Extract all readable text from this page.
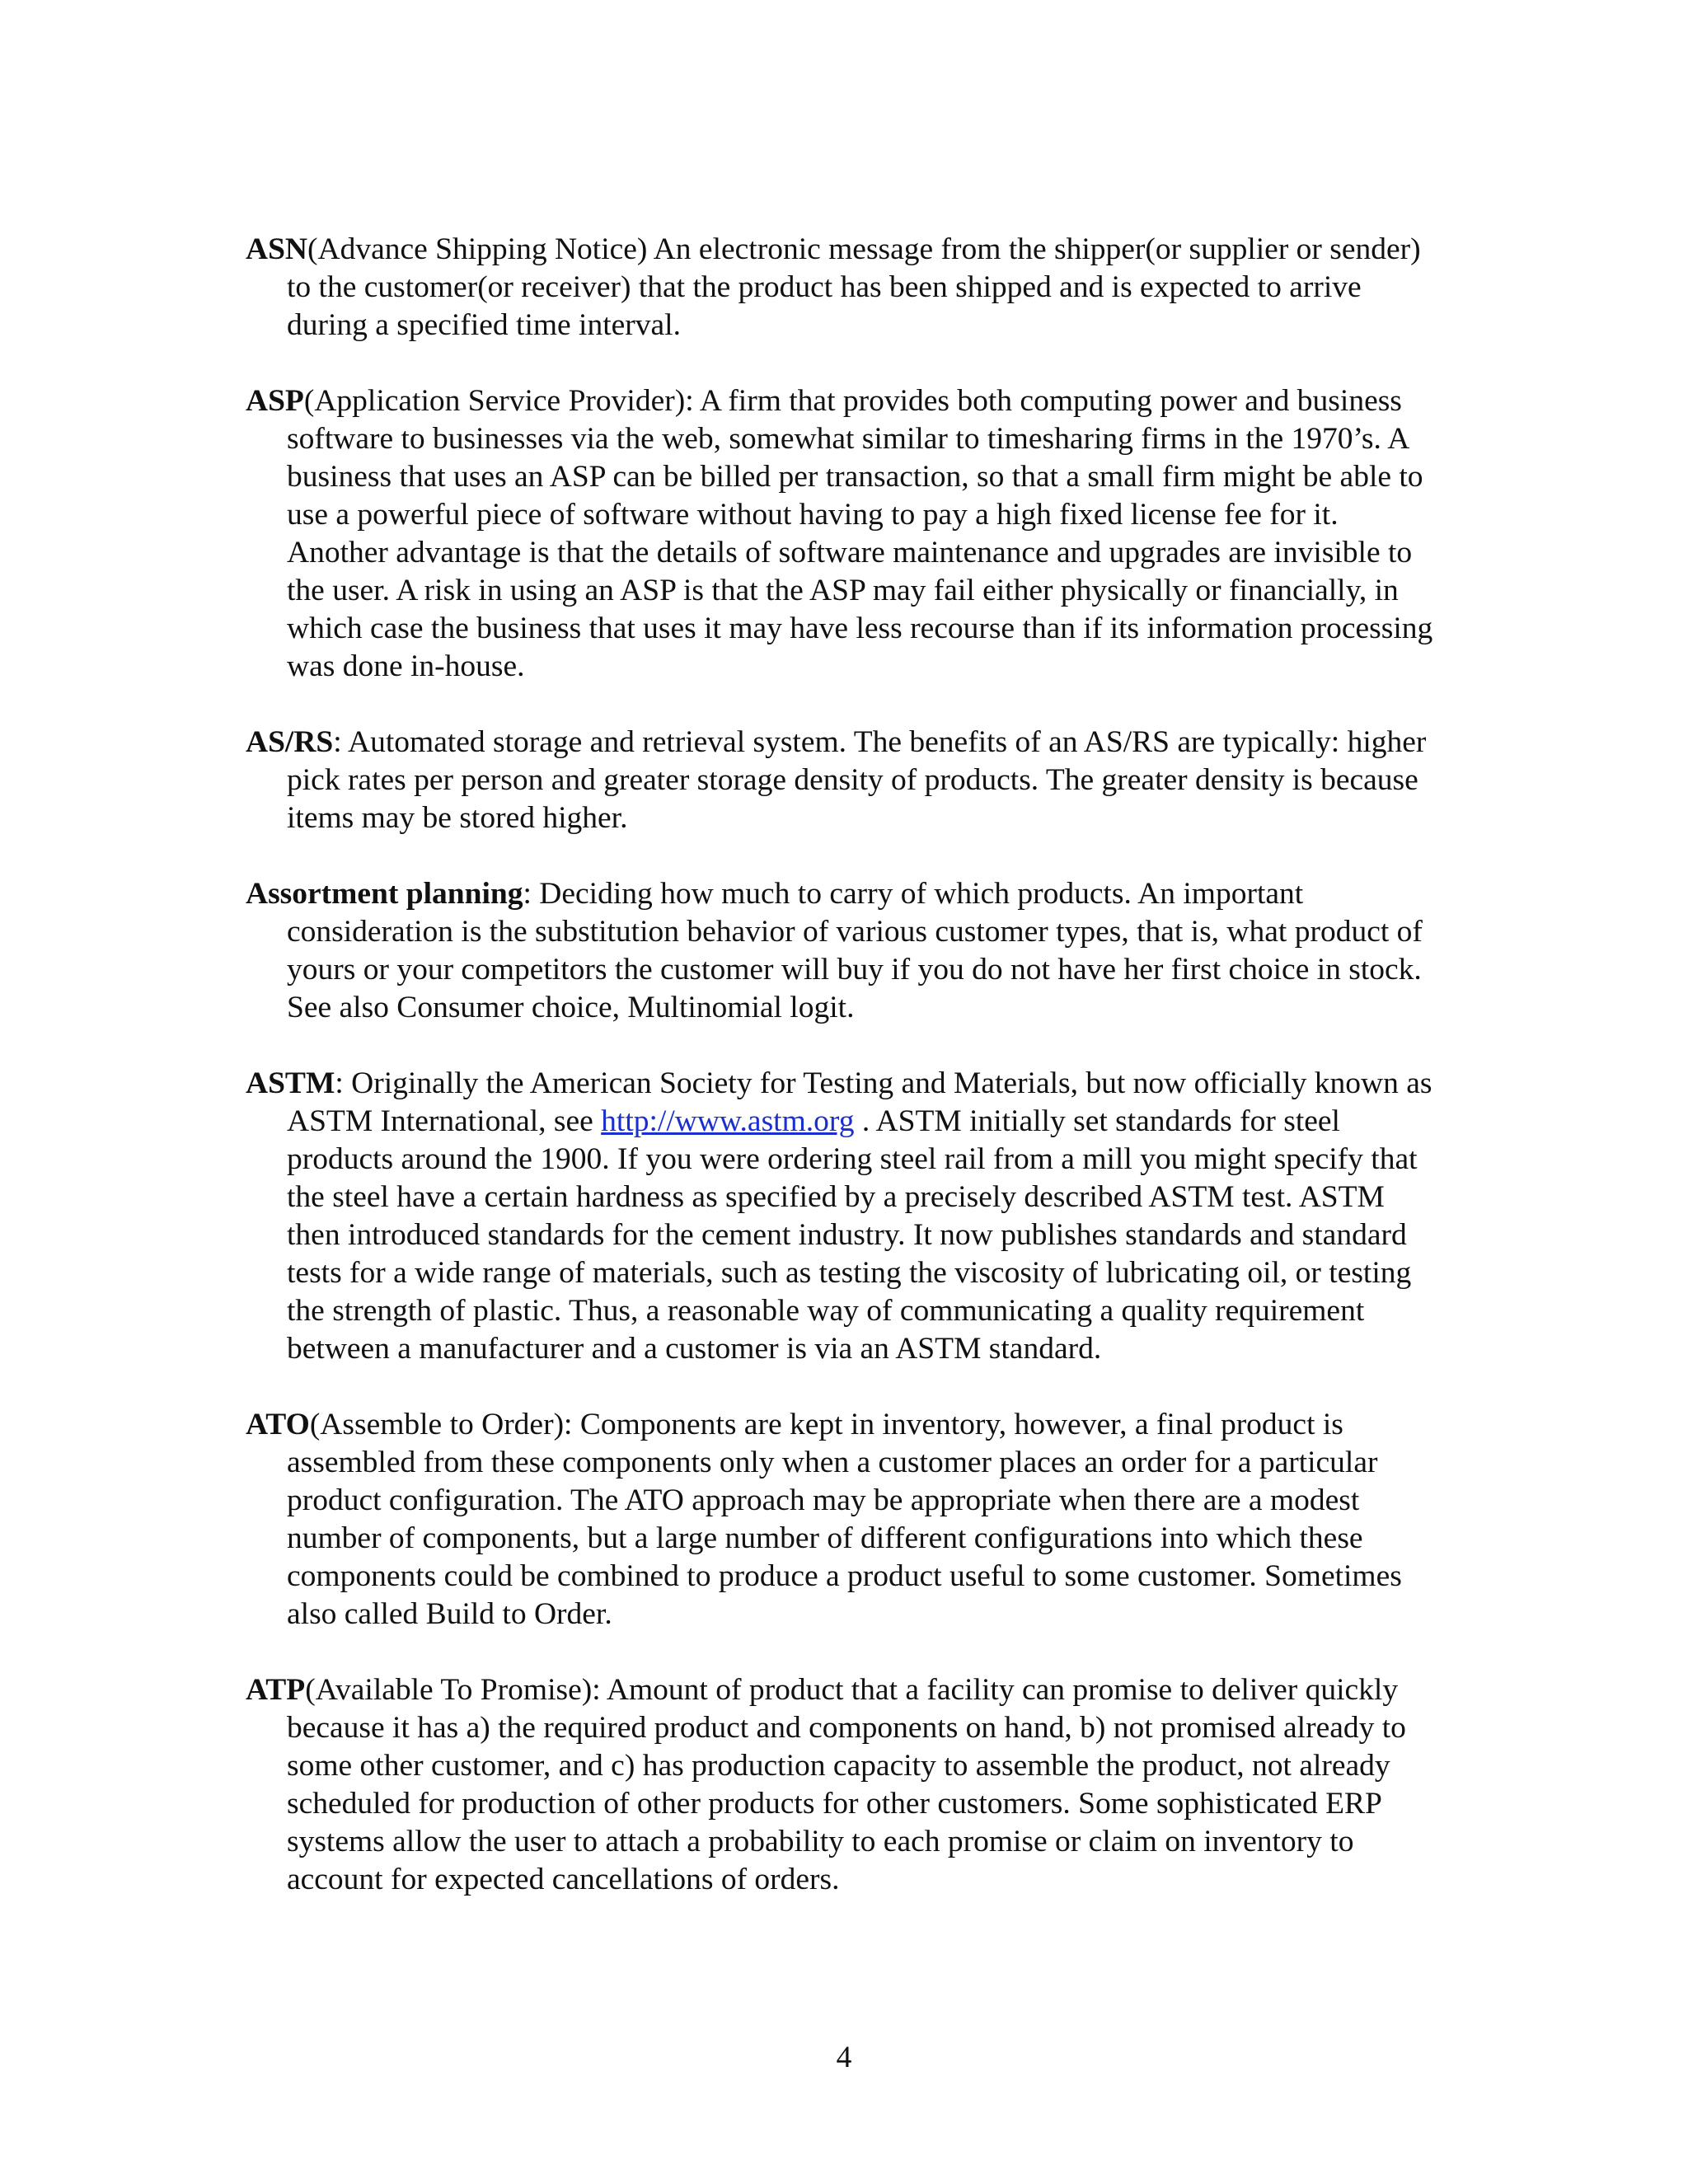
ASN(Advance Shipping Notice) An electronic message from the shipper(or supplier or sender) to the customer(or receiver) that the product has been shipped and is expected to arrive during a specified time interval.

ASP(Application Service Provider): A firm that provides both computing power and business software to businesses via the web, somewhat similar to timesharing firms in the 1970’s. A business that uses an ASP can be billed per transaction, so that a small firm might be able to use a powerful piece of software without having to pay a high fixed license fee for it. Another advantage is that the details of software maintenance and upgrades are invisible to the user. A risk in using an ASP is that the ASP may fail either physically or financially, in which case the business that uses it may have less recourse than if its information processing was done in-house.

AS/RS: Automated storage and retrieval system. The benefits of an AS/RS are typically: higher pick rates per person and greater storage density of products. The greater density is because items may be stored higher.

Assortment planning: Deciding how much to carry of which products. An important consideration is the substitution behavior of various customer types, that is, what product of yours or your competitors the customer will buy if you do not have her first choice in stock. See also Consumer choice, Multinomial logit.

ASTM: Originally the American Society for Testing and Materials, but now officially known as ASTM International, see http://www.astm.org . ASTM initially set standards for steel products around the 1900. If you were ordering steel rail from a mill you might specify that the steel have a certain hardness as specified by a precisely described ASTM test. ASTM then introduced standards for the cement industry. It now publishes standards and standard tests for a wide range of materials, such as testing the viscosity of lubricating oil, or testing the strength of plastic. Thus, a reasonable way of communicating a quality requirement between a manufacturer and a customer is via an ASTM standard.

ATO(Assemble to Order): Components are kept in inventory, however, a final product is assembled from these components only when a customer places an order for a particular product configuration. The ATO approach may be appropriate when there are a modest number of components, but a large number of different configurations into which these components could be combined to produce a product useful to some customer. Sometimes also called Build to Order.

ATP(Available To Promise): Amount of product that a facility can promise to deliver quickly because it has a) the required product and components on hand, b) not promised already to some other customer, and c) has production capacity to assemble the product, not already scheduled for production of other products for other customers. Some sophisticated ERP systems allow the user to attach a probability to each promise or claim on inventory to account for expected cancellations of orders.

4
